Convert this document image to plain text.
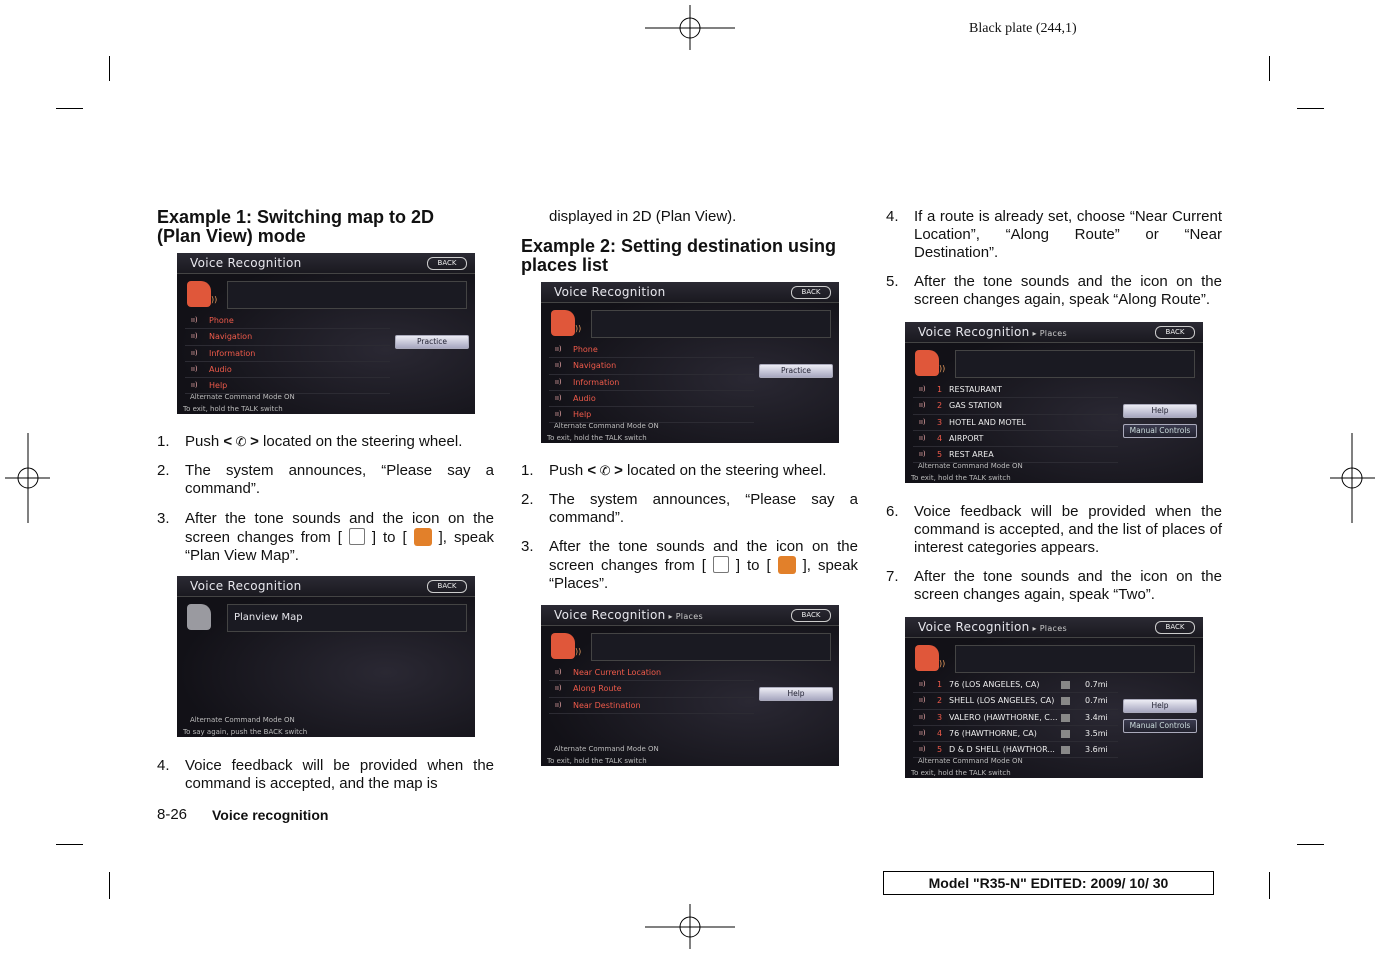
Black plate (244,1)
Example 1: Switching map to 2D (Plan View) mode
Voice Recognition	BACK
))
ıı) Phone
ıı) Navigation
ıı) Information
ıı) Audio
ıı) Help
Practice
Alternate Command Mode ON
To exit, hold the TALK switch
1. Push < ✆ > located on the steering wheel.
2. The system announces, “Please say a command”.
3. After the tone sounds and the icon on the screen changes from [  ] to [  ], speak “Plan View Map”.
Voice Recognition	BACK
Planview Map
Alternate Command Mode ON
To say again, push the BACK switch
4. Voice feedback will be provided when the command is accepted, and the map is
displayed in 2D (Plan View).
Example 2: Setting destination using places list
Voice Recognition	BACK
))
ıı) Phone
ıı) Navigation
ıı) Information
ıı) Audio
ıı) Help
Practice
Alternate Command Mode ON
To exit, hold the TALK switch
1. Push < ✆ > located on the steering wheel.
2. The system announces, “Please say a command”.
3. After the tone sounds and the icon on the screen changes from [  ] to [  ], speak “Places”.
Voice Recognition ▸ Places	BACK
))
ıı) Near Current Location
ıı) Along Route
ıı) Near Destination
Help
Alternate Command Mode ON
To exit, hold the TALK switch
4. If a route is already set, choose “Near Current Location”, “Along Route” or “Near Destination”.
5. After the tone sounds and the icon on the screen changes again, speak “Along Route”.
Voice Recognition ▸ Places	BACK
))
ıı) 1 RESTAURANT
ıı) 2 GAS STATION
ıı) 3 HOTEL AND MOTEL
ıı) 4 AIRPORT
ıı) 5 REST AREA
Help
Manual Controls
Alternate Command Mode ON
To exit, hold the TALK switch
6. Voice feedback will be provided when the command is accepted, and the list of places of interest categories appears.
7. After the tone sounds and the icon on the screen changes again, speak “Two”.
Voice Recognition ▸ Places	BACK
))
ıı) 1 76 (LOS ANGELES, CA)	0.7mi
ıı) 2 SHELL (LOS ANGELES, CA)	0.7mi
ıı) 3 VALERO (HAWTHORNE, C...	3.4mi
ıı) 4 76 (HAWTHORNE, CA)	3.5mi
ıı) 5 D & D SHELL (HAWTHOR...	3.6mi
Help
Manual Controls
Alternate Command Mode ON
To exit, hold the TALK switch
8-26 Voice recognition
Model "R35-N" EDITED: 2009/ 10/ 30
